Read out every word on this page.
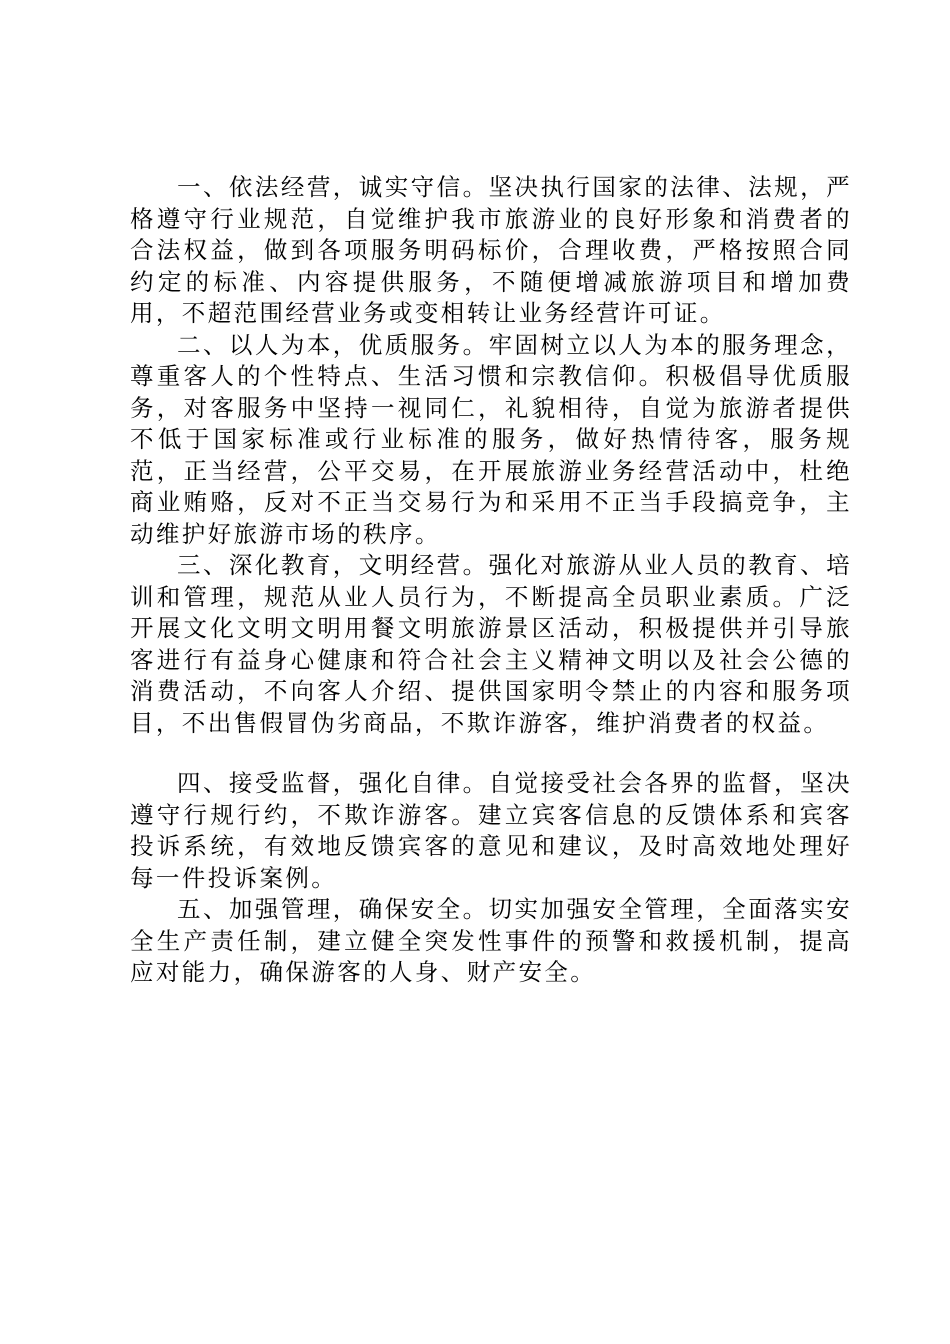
一、依法经营，诚实守信。坚决执行国家的法律、法规，严格遵守行业规范，自觉维护我市旅游业的良好形象和消费者的合法权益，做到各项服务明码标价，合理收费，严格按照合同约定的标准、内容提供服务，不随便增减旅游项目和增加费用，不超范围经营业务或变相转让业务经营许可证。

二、以人为本，优质服务。牢固树立以人为本的服务理念，尊重客人的个性特点、生活习惯和宗教信仰。积极倡导优质服务，对客服务中坚持一视同仁，礼貌相待，自觉为旅游者提供不低于国家标准或行业标准的服务，做好热情待客，服务规范，正当经营，公平交易，在开展旅游业务经营活动中，杜绝商业贿赂，反对不正当交易行为和采用不正当手段搞竞争，主动维护好旅游市场的秩序。

三、深化教育，文明经营。强化对旅游从业人员的教育、培训和管理，规范从业人员行为，不断提高全员职业素质。广泛开展文化文明文明用餐文明旅游景区活动，积极提供并引导旅客进行有益身心健康和符合社会主义精神文明以及社会公德的消费活动，不向客人介绍、提供国家明令禁止的内容和服务项目，不出售假冒伪劣商品，不欺诈游客，维护消费者的权益。

四、接受监督，强化自律。自觉接受社会各界的监督，坚决遵守行规行约，不欺诈游客。建立宾客信息的反馈体系和宾客投诉系统，有效地反馈宾客的意见和建议，及时高效地处理好每一件投诉案例。

五、加强管理，确保安全。切实加强安全管理，全面落实安全生产责任制，建立健全突发性事件的预警和救援机制，提高应对能力，确保游客的人身、财产安全。
